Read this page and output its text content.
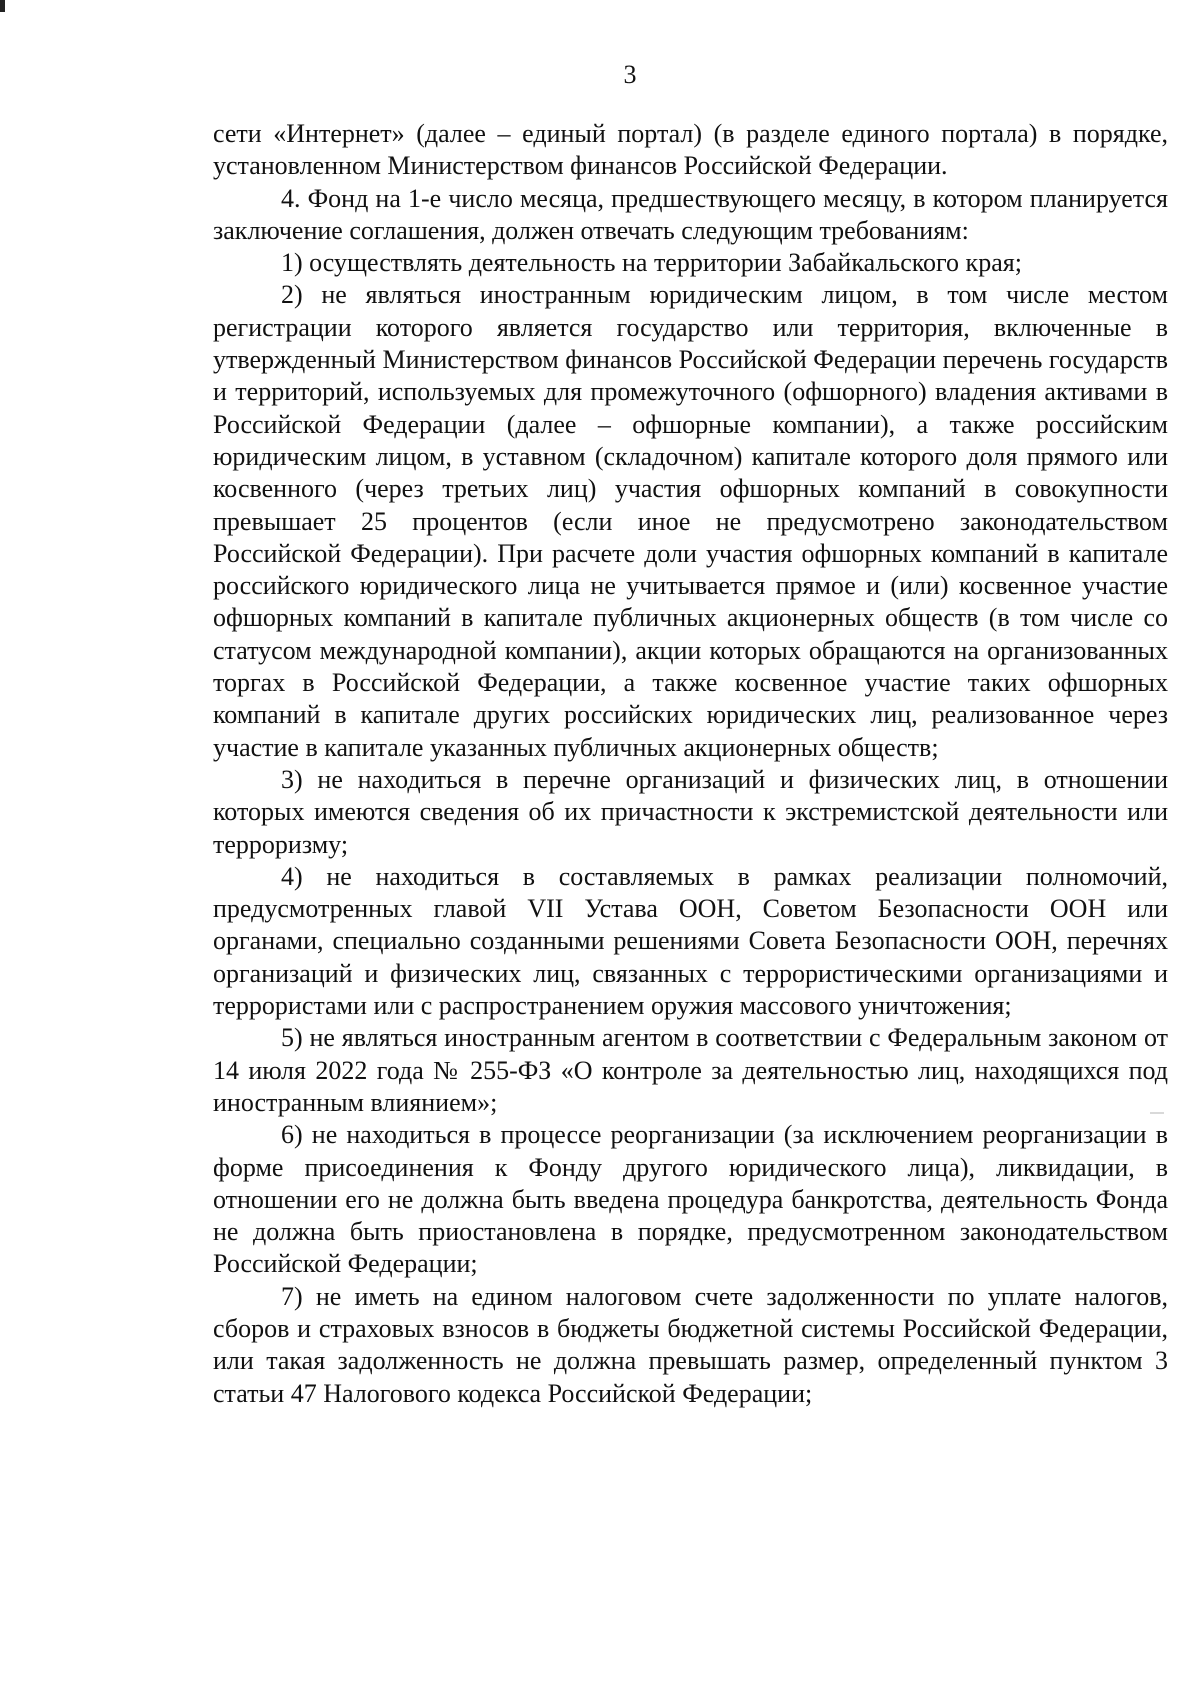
3

сети «Интернет» (далее – единый портал) (в разделе единого портала) в порядке, установленном Министерством финансов Российской Федерации.

4. Фонд на 1-е число месяца, предшествующего месяцу, в котором планируется заключение соглашения, должен отвечать следующим требованиям:

1) осуществлять деятельность на территории Забайкальского края;

2) не являться иностранным юридическим лицом, в том числе местом регистрации которого является государство или территория, включенные в утвержденный Министерством финансов Российской Федерации перечень государств и территорий, используемых для промежуточного (офшорного) владения активами в Российской Федерации (далее – офшорные компании), а также российским юридическим лицом, в уставном (складочном) капитале которого доля прямого или косвенного (через третьих лиц) участия офшорных компаний в совокупности превышает 25 процентов (если иное не предусмотрено законодательством Российской Федерации). При расчете доли участия офшорных компаний в капитале российского юридического лица не учитывается прямое и (или) косвенное участие офшорных компаний в капитале публичных акционерных обществ (в том числе со статусом международной компании), акции которых обращаются на организованных торгах в Российской Федерации, а также косвенное участие таких офшорных компаний в капитале других российских юридических лиц, реализованное через участие в капитале указанных публичных акционерных обществ;

3) не находиться в перечне организаций и физических лиц, в отношении которых имеются сведения об их причастности к экстремистской деятельности или терроризму;

4) не находиться в составляемых в рамках реализации полномочий, предусмотренных главой VII Устава ООН, Советом Безопасности ООН или органами, специально созданными решениями Совета Безопасности ООН, перечнях организаций и физических лиц, связанных с террористическими организациями и террористами или с распространением оружия массового уничтожения;

5) не являться иностранным агентом в соответствии с Федеральным законом от 14 июля 2022 года № 255-ФЗ «О контроле за деятельностью лиц, находящихся под иностранным влиянием»;

6) не находиться в процессе реорганизации (за исключением реорганизации в форме присоединения к Фонду другого юридического лица), ликвидации, в отношении его не должна быть введена процедура банкротства, деятельность Фонда не должна быть приостановлена в порядке, предусмотренном законодательством Российской Федерации;

7) не иметь на едином налоговом счете задолженности по уплате налогов, сборов и страховых взносов в бюджеты бюджетной системы Российской Федерации, или такая задолженность не должна превышать размер, определенный пунктом 3 статьи 47 Налогового кодекса Российской Федерации;
